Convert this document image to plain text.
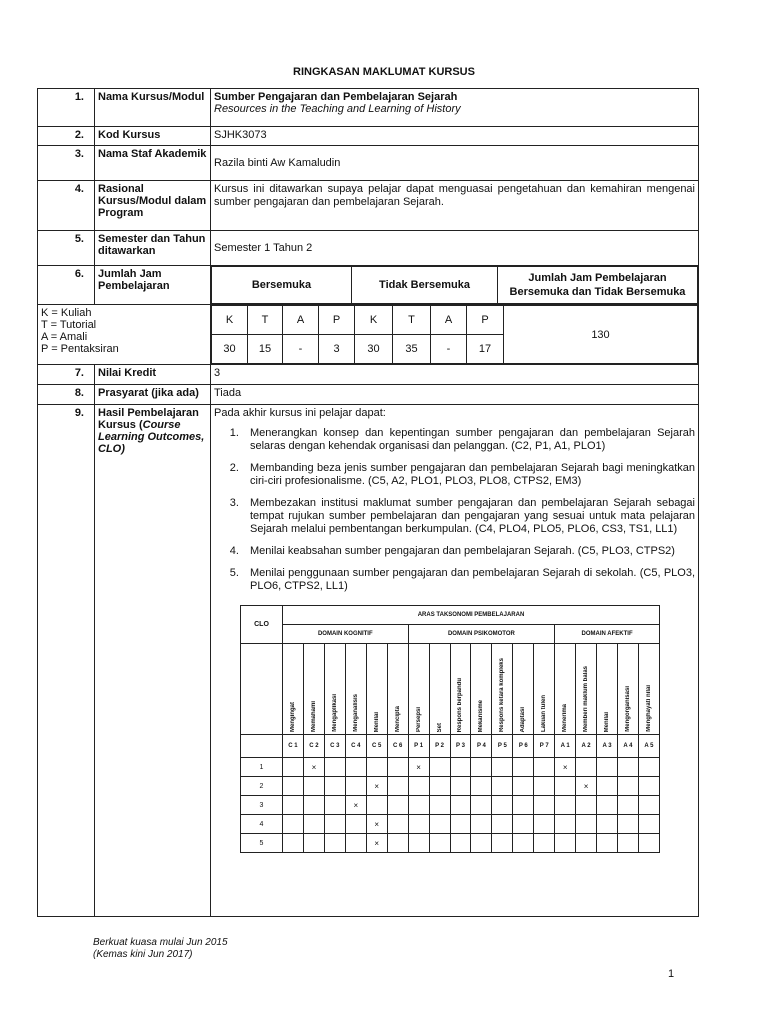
RINGKASAN MAKLUMAT KURSUS
1.	Nama Kursus/Modul	Sumber Pengajaran dan Pembelajaran Sejarah
Resources in the Teaching and Learning of History

2.	Kod Kursus	SJHK3073
3.	Nama Staf Akademik	Razila binti Aw Kamaludin
4.	Rasional Kursus/Modul dalam Program	Kursus ini ditawarkan supaya pelajar dapat menguasai pengetahuan dan kemahiran mengenai sumber pengajaran dan pembelajaran Sejarah.
5.	Semester dan Tahun ditawarkan	Semester 1 Tahun 2
6.	Jumlah Jam Pembelajaran		Bersemuka	Tidak Bersemuka	Jumlah Jam Pembelajaran Bersemuka dan Tidak Bersemuka

K = Kuliah
T = Tutorial
A = Amali
P = Pentaksiran

K	T	A	P	K	T	A	P	130
30	15	-	3	30	35	-	17

7.	Nilai Kredit	3
8.	Prasyarat (jika ada)	Tiada
9.	Hasil Pembelajaran Kursus (Course Learning Outcomes, CLO)	
Pada akhir kursus ini pelajar dapat:
1. Menerangkan konsep dan kepentingan sumber pengajaran dan pembelajaran Sejarah selaras dengan kehendak organisasi dan pelanggan. (C2, P1, A1, PLO1)
2. Membanding beza jenis sumber pengajaran dan pembelajaran Sejarah bagi meningkatkan ciri-ciri profesionalisme. (C5, A2, PLO1, PLO3, PLO8, CTPS2, EM3)
3. Membezakan institusi maklumat sumber pengajaran dan pembelajaran Sejarah sebagai tempat rujukan sumber pembelajaran dan pengajaran yang sesuai untuk mata pelajaran Sejarah melalui pembentangan berkumpulan. (C4, PLO4, PLO5, PLO6, CS3, TS1, LL1)
4. Menilai keabsahan sumber pengajaran dan pembelajaran Sejarah. (C5, PLO3, CTPS2)
5. Menilai penggunaan sumber pengajaran dan pembelajaran Sejarah di sekolah. (C5, PLO3, PLO6, CTPS2, LL1)
CLO	ARAS TAKSONOMI PEMBELAJARAN
DOMAIN KOGNITIF	DOMAIN PSIKOMOTOR	DOMAIN AFEKTIF
	Mengingat	Memahami	Mengaplikasi	Menganalisis	Menilai	Mencipta	Persepsi	Set	Respons berpandu	Mekanisme	Respons ketara kompleks	Adaptasi	Lakuan tulen	Menerima	Memberi maklum balas	Menilai	Mengorganisasi	Menghayati nilai
	C 1	C 2	C 3	C 4	C 5	C 6	P 1	P 2	P 3	P 4	P 5	P 6	P 7	A 1	A 2	A 3	A 4	A 5
1		×					×							×				
2					×										×			
3				×														
4					×													
5					×													
Berkuat kuasa mulai Jun 2015
(Kemas kini Jun 2017)
1
